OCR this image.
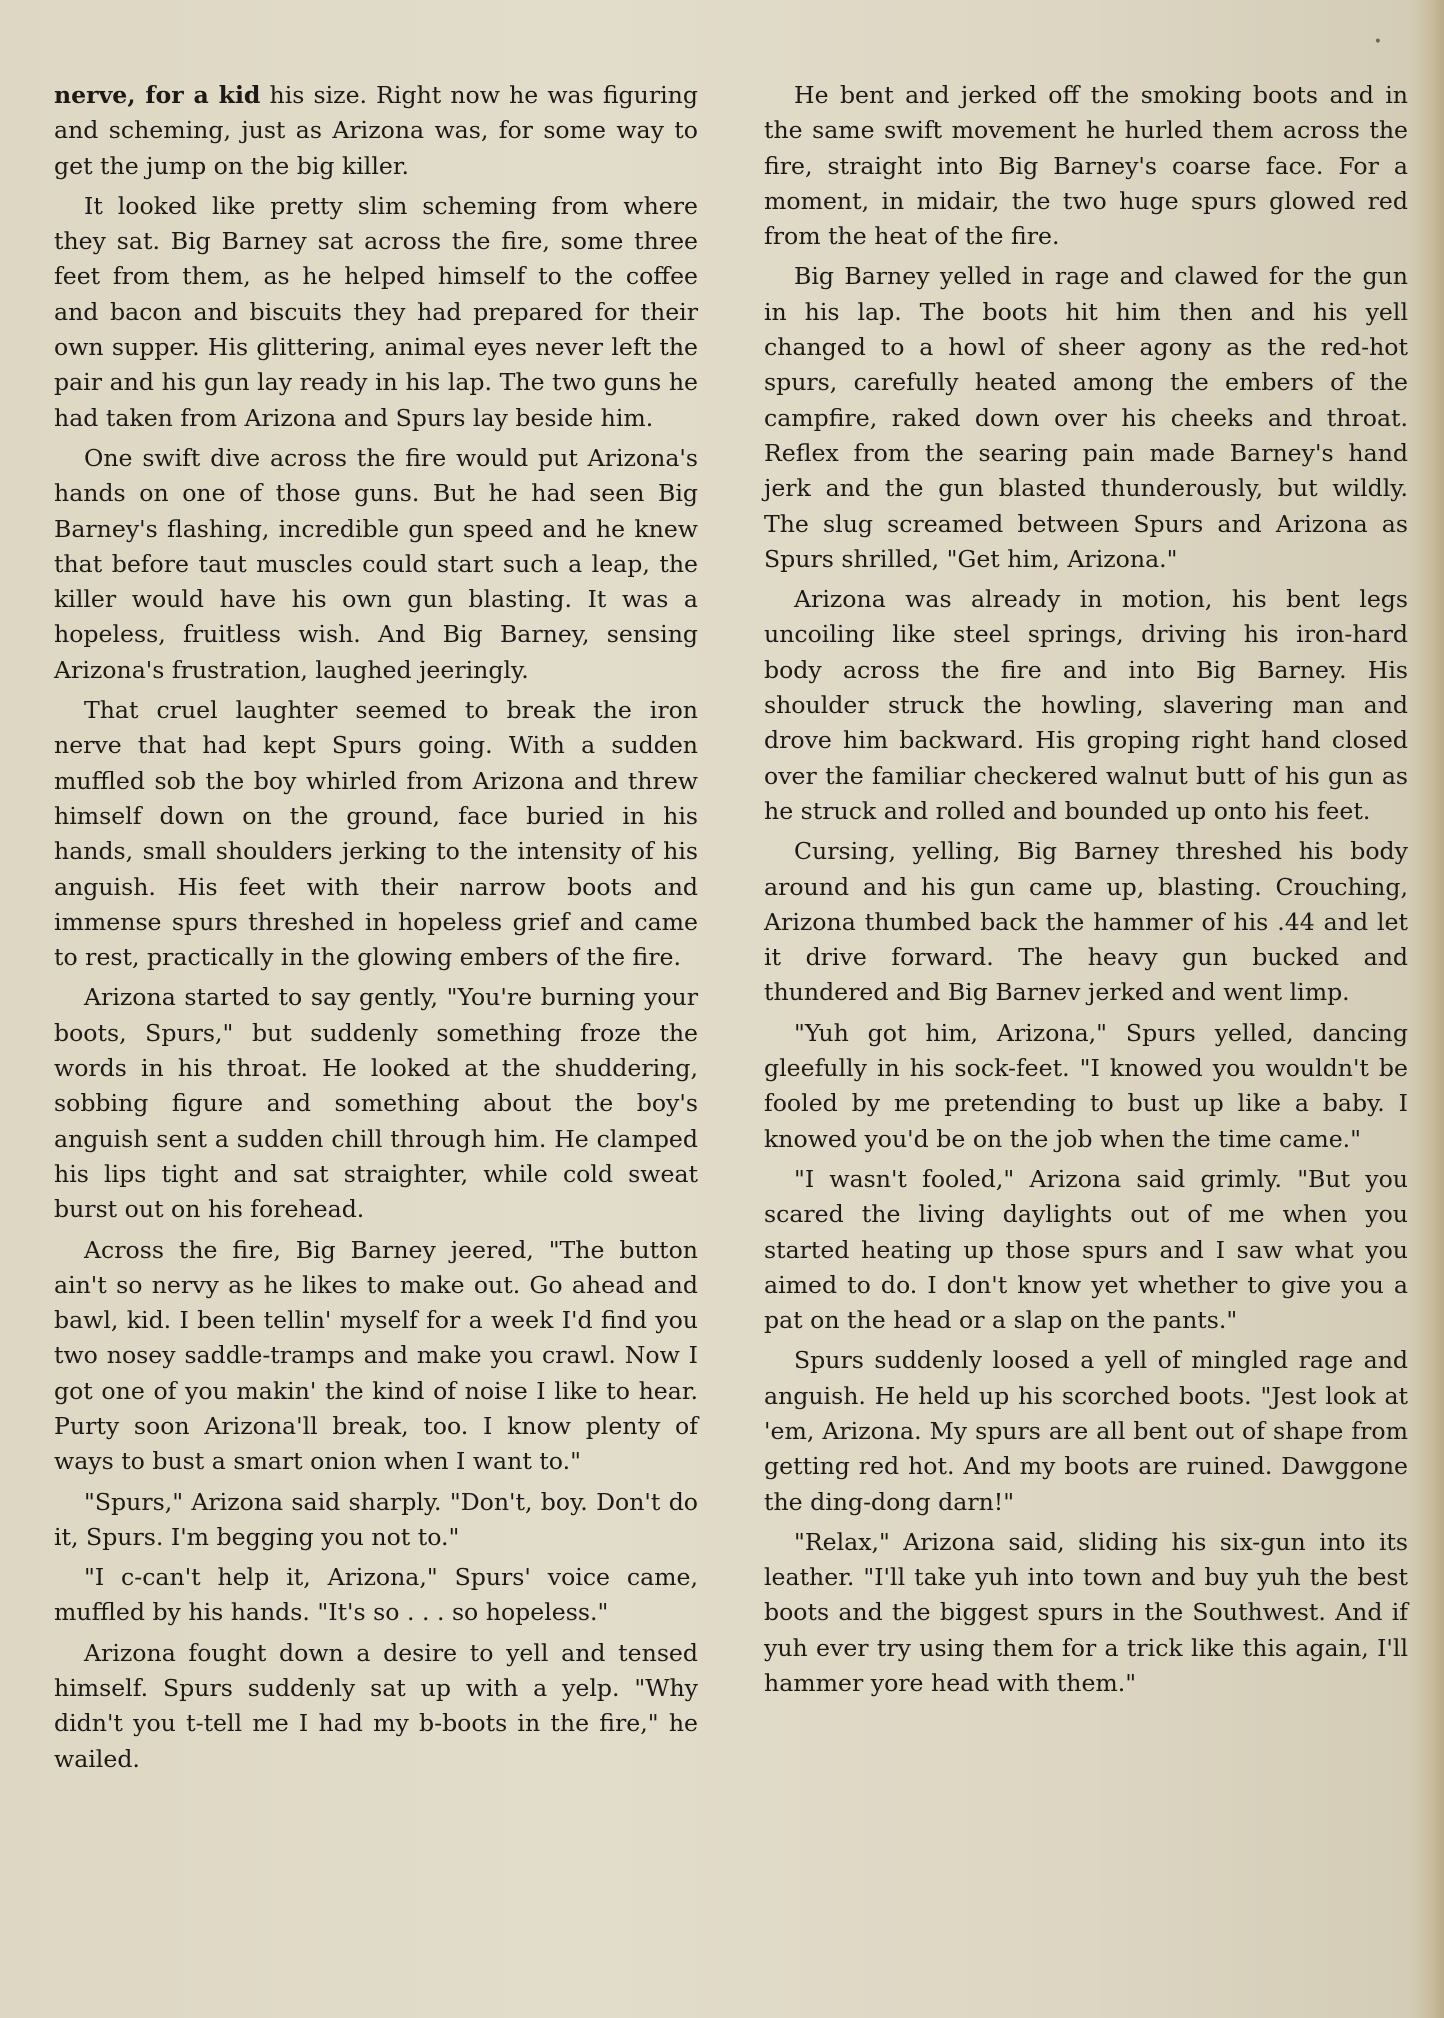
•

nerve, for a kid his size. Right now he was figuring and scheming, just as Arizona was, for some way to get the jump on the big killer.

It looked like pretty slim scheming from where they sat. Big Barney sat across the fire, some three feet from them, as he helped himself to the coffee and bacon and biscuits they had prepared for their own supper. His glittering, animal eyes never left the pair and his gun lay ready in his lap. The two guns he had taken from Arizona and Spurs lay beside him.

One swift dive across the fire would put Arizona's hands on one of those guns. But he had seen Big Barney's flashing, incredible gun speed and he knew that before taut muscles could start such a leap, the killer would have his own gun blasting. It was a hopeless, fruitless wish. And Big Barney, sensing Arizona's frustration, laughed jeeringly.

That cruel laughter seemed to break the iron nerve that had kept Spurs going. With a sudden muffled sob the boy whirled from Arizona and threw himself down on the ground, face buried in his hands, small shoulders jerking to the intensity of his anguish. His feet with their narrow boots and immense spurs threshed in hopeless grief and came to rest, practically in the glowing embers of the fire.

Arizona started to say gently, "You're burning your boots, Spurs," but suddenly something froze the words in his throat. He looked at the shuddering, sobbing figure and something about the boy's anguish sent a sudden chill through him. He clamped his lips tight and sat straighter, while cold sweat burst out on his forehead.

Across the fire, Big Barney jeered, "The button ain't so nervy as he likes to make out. Go ahead and bawl, kid. I been tellin' myself for a week I'd find you two nosey saddle-tramps and make you crawl. Now I got one of you makin' the kind of noise I like to hear. Purty soon Arizona'll break, too. I know plenty of ways to bust a smart onion when I want to."

"Spurs," Arizona said sharply. "Don't, boy. Don't do it, Spurs. I'm begging you not to."

"I c-can't help it, Arizona," Spurs' voice came, muffled by his hands. "It's so . . . so hopeless."

Arizona fought down a desire to yell and tensed himself. Spurs suddenly sat up with a yelp. "Why didn't you t-tell me I had my b-boots in the fire," he wailed.

He bent and jerked off the smoking boots and in the same swift movement he hurled them across the fire, straight into Big Barney's coarse face. For a moment, in midair, the two huge spurs glowed red from the heat of the fire.

Big Barney yelled in rage and clawed for the gun in his lap. The boots hit him then and his yell changed to a howl of sheer agony as the red-hot spurs, carefully heated among the embers of the campfire, raked down over his cheeks and throat. Reflex from the searing pain made Barney's hand jerk and the gun blasted thunderously, but wildly. The slug screamed between Spurs and Arizona as Spurs shrilled, "Get him, Arizona."

Arizona was already in motion, his bent legs uncoiling like steel springs, driving his iron-hard body across the fire and into Big Barney. His shoulder struck the howling, slavering man and drove him backward. His groping right hand closed over the familiar checkered walnut butt of his gun as he struck and rolled and bounded up onto his feet.

Cursing, yelling, Big Barney threshed his body around and his gun came up, blasting. Crouching, Arizona thumbed back the hammer of his .44 and let it drive forward. The heavy gun bucked and thundered and Big Barnev jerked and went limp.

"Yuh got him, Arizona," Spurs yelled, dancing gleefully in his sock-feet. "I knowed you wouldn't be fooled by me pretending to bust up like a baby. I knowed you'd be on the job when the time came."

"I wasn't fooled," Arizona said grimly. "But you scared the living daylights out of me when you started heating up those spurs and I saw what you aimed to do. I don't know yet whether to give you a pat on the head or a slap on the pants."

Spurs suddenly loosed a yell of mingled rage and anguish. He held up his scorched boots. "Jest look at 'em, Arizona. My spurs are all bent out of shape from getting red hot. And my boots are ruined. Dawggone the ding-dong darn!"

"Relax," Arizona said, sliding his six-gun into its leather. "I'll take yuh into town and buy yuh the best boots and the biggest spurs in the Southwest. And if yuh ever try using them for a trick like this again, I'll hammer yore head with them."
